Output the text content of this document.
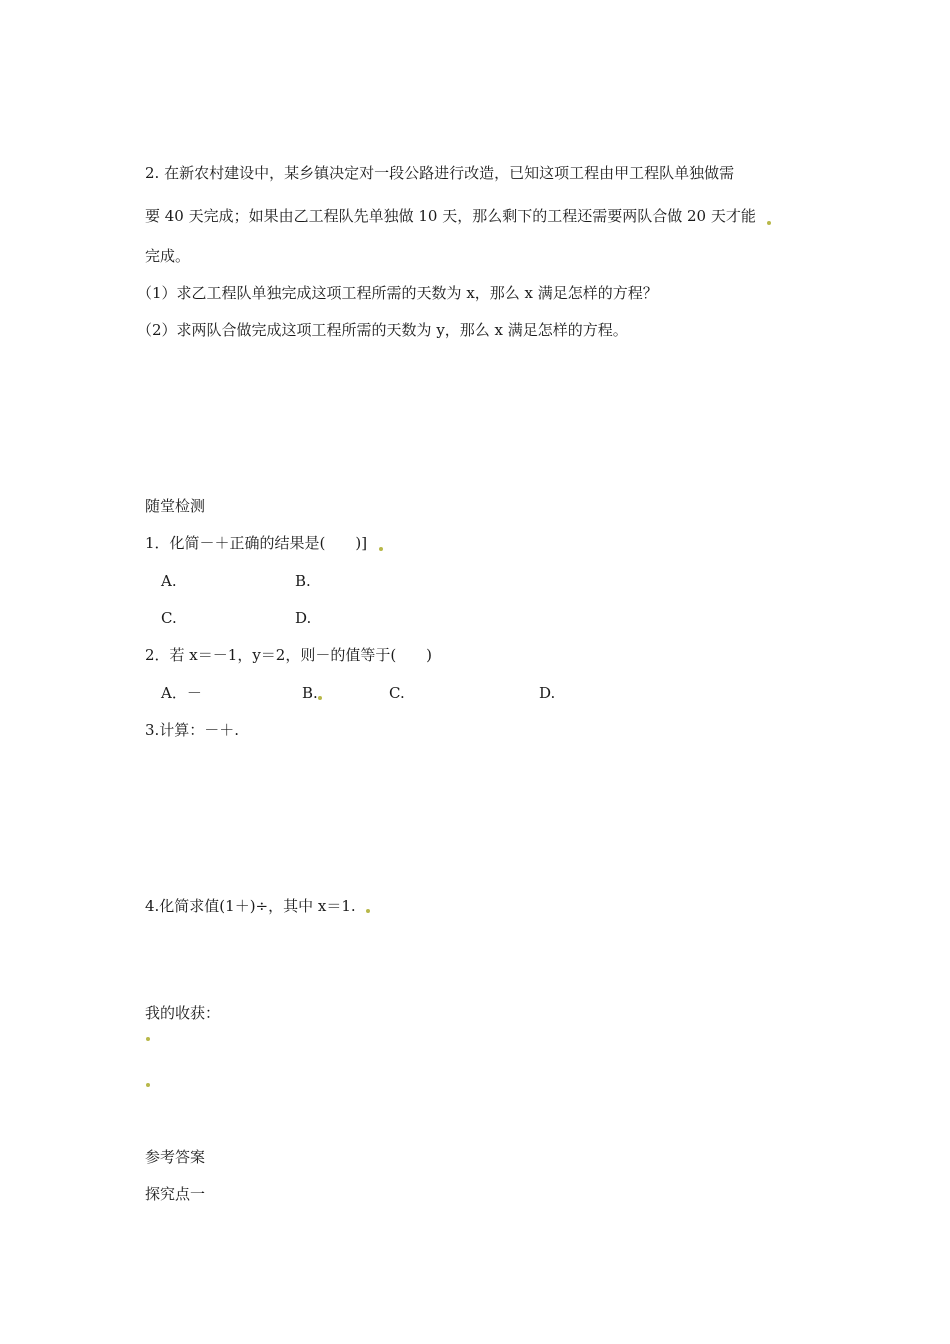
2. 在新农村建设中，某乡镇决定对一段公路进行改造，已知这项工程由甲工程队单独做需
要 40 天完成；如果由乙工程队先单独做 10 天，那么剩下的工程还需要两队合做 20 天才能
完成。
（1）求乙工程队单独完成这项工程所需的天数为 x，那么 x 满足怎样的方程？
（2）求两队合做完成这项工程所需的天数为 y，那么 x 满足怎样的方程。
随堂检测
1．化简－＋正确的结果是(　　)]
A.	B.
C.	D.
2．若 x＝－1，y＝2，则－的值等于(　　)
A．－	B.	C.	D.
3.计算：－＋.
4.化简求值(1＋)÷，其中 x＝1.
我的收获：
参考答案
探究点一
